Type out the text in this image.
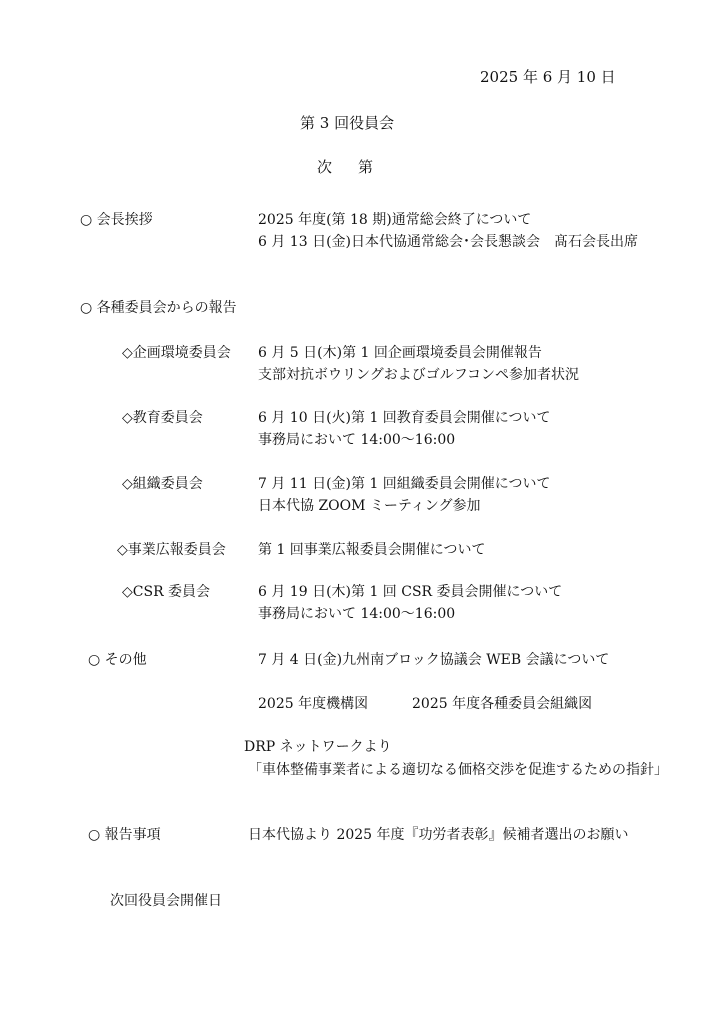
2025 年 6 月 10 日
第 3 回役員会
次第
○ 会長挨拶	2025 年度(第 18 期)通常総会終了について
6 月 13 日(金)日本代協通常総会･会長懇談会　髙石会長出席
○ 各種委員会からの報告
◇企画環境委員会 6 月 5 日(木)第 1 回企画環境委員会開催報告
支部対抗ボウリングおよびゴルフコンペ参加者状況
◇教育委員会	6 月 10 日(火)第 1 回教育委員会開催について
事務局において 14:00～16:00
◇組織委員会	7 月 11 日(金)第 1 回組織委員会開催について
日本代協 ZOOM ミーティング参加
◇事業広報委員会 第 1 回事業広報委員会開催について
◇CSR 委員会	6 月 19 日(木)第 1 回 CSR 委員会開催について
事務局において 14:00～16:00
○ その他	7 月 4 日(金)九州南ブロック協議会 WEB 会議について
2025 年度機構図	2025 年度各種委員会組織図
DRP ネットワークより
「車体整備事業者による適切なる価格交渉を促進するための指針」
○ 報告事項	日本代協より 2025 年度『功労者表彰』候補者選出のお願い
次回役員会開催日
